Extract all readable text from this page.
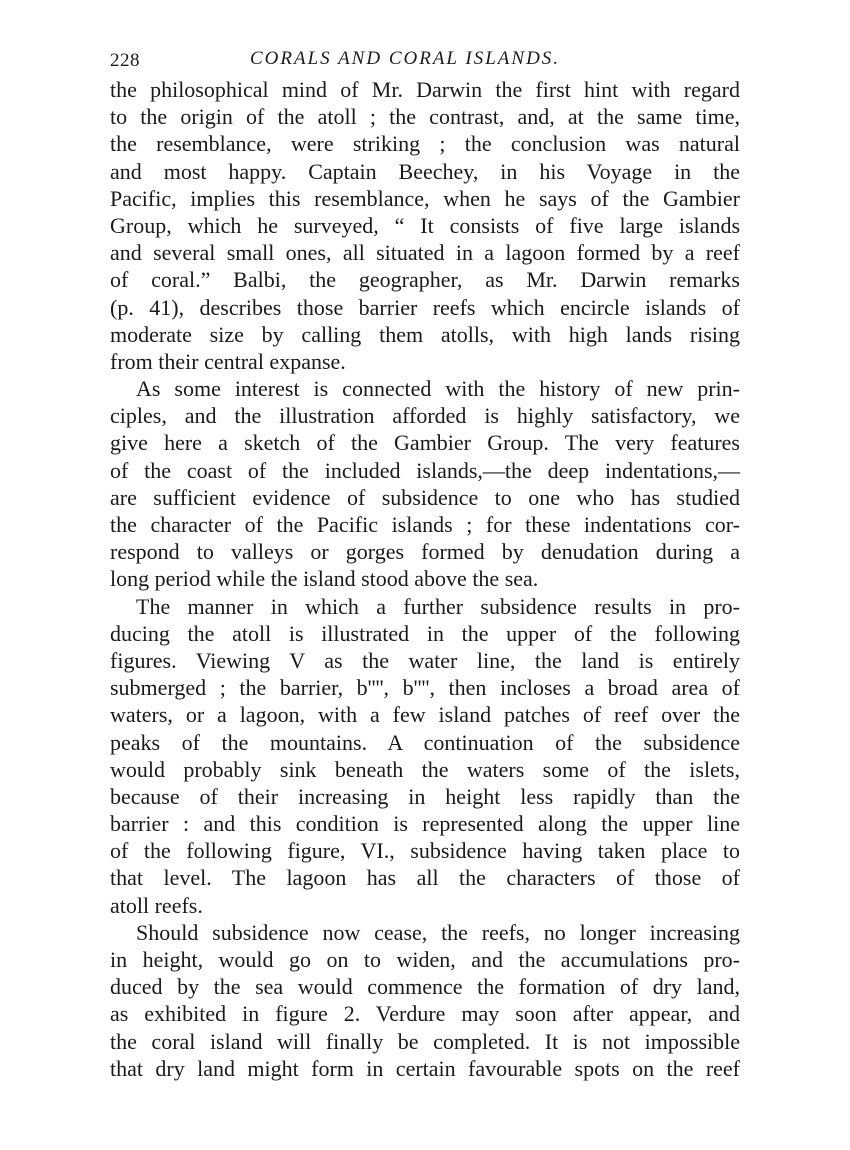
228	CORALS AND CORAL ISLANDS.
the philosophical mind of Mr. Darwin the first hint with regard
to the origin of the atoll ; the contrast, and, at the same time,
the resemblance, were striking ; the conclusion was natural
and most happy. Captain Beechey, in his Voyage in the
Pacific, implies this resemblance, when he says of the Gambier
Group, which he surveyed, “ It consists of five large islands
and several small ones, all situated in a lagoon formed by a reef
of coral.” Balbi, the geographer, as Mr. Darwin remarks
(p. 41), describes those barrier reefs which encircle islands of
moderate size by calling them atolls, with high lands rising
from their central expanse.
As some interest is connected with the history of new prin-
ciples, and the illustration afforded is highly satisfactory, we
give here a sketch of the Gambier Group. The very features
of the coast of the included islands,—the deep indentations,—
are sufficient evidence of subsidence to one who has studied
the character of the Pacific islands ; for these indentations cor-
respond to valleys or gorges formed by denudation during a
long period while the island stood above the sea.
The manner in which a further subsidence results in pro-
ducing the atoll is illustrated in the upper of the following
figures. Viewing V as the water line, the land is entirely
submerged ; the barrier, b'''', b'''', then incloses a broad area of
waters, or a lagoon, with a few island patches of reef over the
peaks of the mountains. A continuation of the subsidence
would probably sink beneath the waters some of the islets,
because of their increasing in height less rapidly than the
barrier : and this condition is represented along the upper line
of the following figure, VI., subsidence having taken place to
that level. The lagoon has all the characters of those of
atoll reefs.
Should subsidence now cease, the reefs, no longer increasing
in height, would go on to widen, and the accumulations pro-
duced by the sea would commence the formation of dry land,
as exhibited in figure 2. Verdure may soon after appear, and
the coral island will finally be completed. It is not impossible
that dry land might form in certain favourable spots on the reef
